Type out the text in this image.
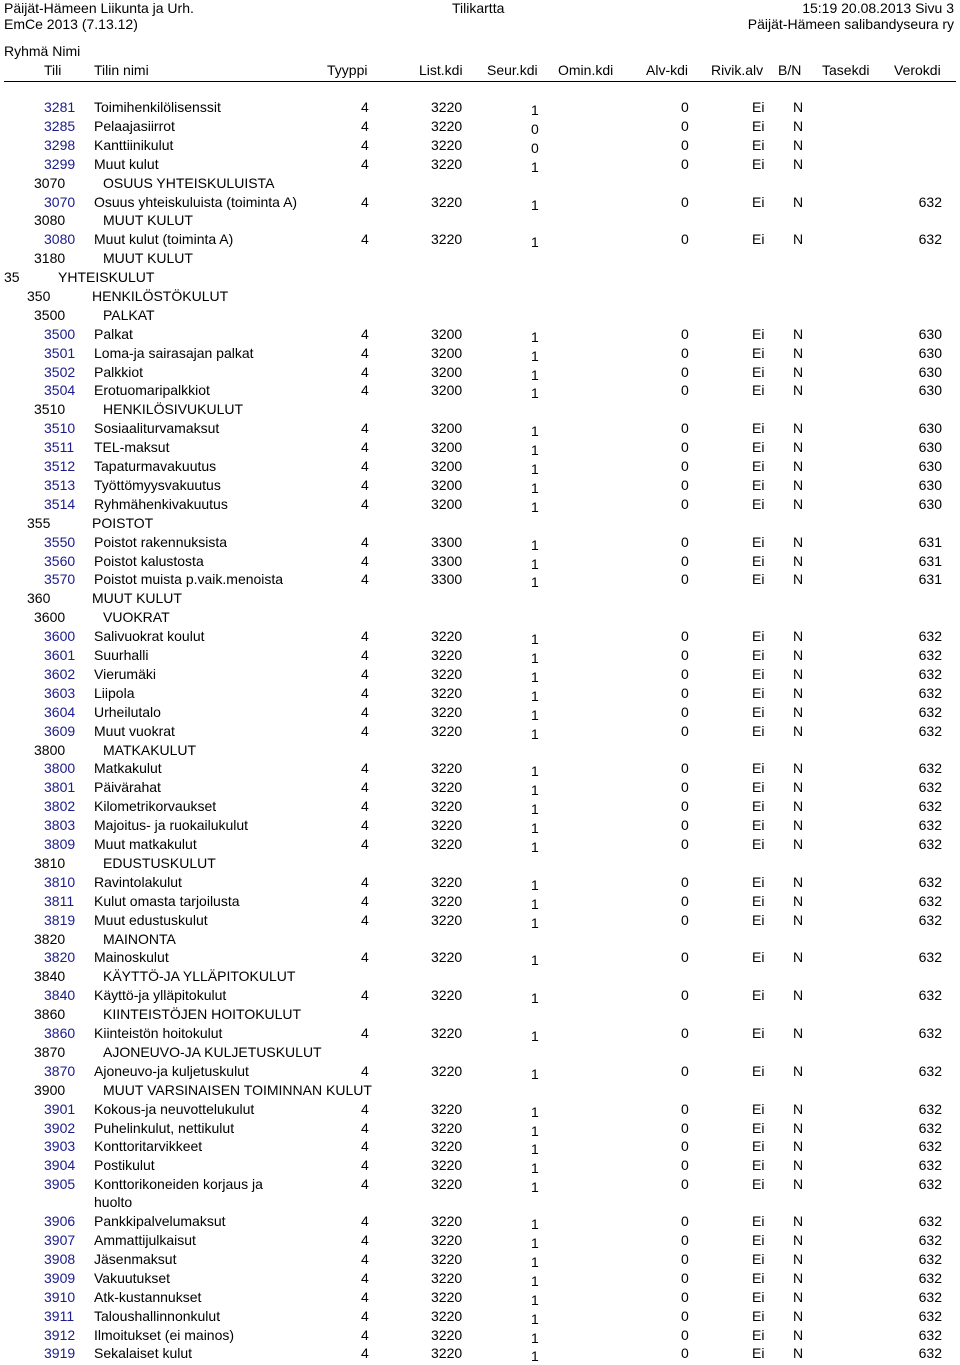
Päijät-Hämeen Liikunta ja Urh.
EmCe 2013 (7.13.12)
Tilikartta	15:19 20.08.2013 Sivu 3
Päijät-Hämeen salibandyseura ry
Ryhmä Nimi
Tili Tilin nimi	Tyyppi	List.kdi Seur.kdi Omin.kdi Alv-kdi Rivik.alv B/N Tasekdi Verokdi
3281 Toimihenkilölisenssit	4	3220	1	0	Ei N
3285 Pelaajasiirrot	4	3220	0	0	Ei N
3298 Kanttiinikulut	4	3220	0	0	Ei N
3299 Muut kulut	4	3220	1	0	Ei N
3070	OSUUS YHTEISKULUISTA
3070 Osuus yhteiskuluista (toiminta A)	4	3220	1	0	Ei N	632
3080	MUUT KULUT
3080 Muut kulut (toiminta A)	4	3220	1	0	Ei N	632
3180	MUUT KULUT
35	YHTEISKULUT
350	HENKILÖSTÖKULUT
3500	PALKAT
3500 Palkat	4	3200	1	0	Ei N	630
3501 Loma-ja sairasajan palkat	4	3200	1	0	Ei N	630
3502 Palkkiot	4	3200	1	0	Ei N	630
3504 Erotuomaripalkkiot	4	3200	1	0	Ei N	630
3510	HENKILÖSIVUKULUT
3510 Sosiaaliturvamaksut	4	3200	1	0	Ei N	630
3511 TEL-maksut	4	3200	1	0	Ei N	630
3512 Tapaturmavakuutus	4	3200	1	0	Ei N	630
3513 Työttömyysvakuutus	4	3200	1	0	Ei N	630
3514 Ryhmähenkivakuutus	4	3200	1	0	Ei N	630
355	POISTOT
3550 Poistot rakennuksista	4	3300	1	0	Ei N	631
3560 Poistot kalustosta	4	3300	1	0	Ei N	631
3570 Poistot muista p.vaik.menoista	4	3300	1	0	Ei N	631
360	MUUT KULUT
3600	VUOKRAT
3600 Salivuokrat koulut	4	3220	1	0	Ei N	632
3601 Suurhalli	4	3220	1	0	Ei N	632
3602 Vierumäki	4	3220	1	0	Ei N	632
3603 Liipola	4	3220	1	0	Ei N	632
3604 Urheilutalo	4	3220	1	0	Ei N	632
3609 Muut vuokrat	4	3220	1	0	Ei N	632
3800	MATKAKULUT
3800 Matkakulut	4	3220	1	0	Ei N	632
3801 Päivärahat	4	3220	1	0	Ei N	632
3802 Kilometrikorvaukset	4	3220	1	0	Ei N	632
3803 Majoitus- ja ruokailukulut	4	3220	1	0	Ei N	632
3809 Muut matkakulut	4	3220	1	0	Ei N	632
3810	EDUSTUSKULUT
3810 Ravintolakulut	4	3220	1	0	Ei N	632
3811 Kulut omasta tarjoilusta	4	3220	1	0	Ei N	632
3819 Muut edustuskulut	4	3220	1	0	Ei N	632
3820	MAINONTA
3820 Mainoskulut	4	3220	1	0	Ei N	632
3840	KÄYTTÖ-JA YLLÄPITOKULUT
3840 Käyttö-ja ylläpitokulut	4	3220	1	0	Ei N	632
3860	KIINTEISTÖJEN HOITOKULUT
3860 Kiinteistön hoitokulut	4	3220	1	0	Ei N	632
3870	AJONEUVO-JA KULJETUSKULUT
3870 Ajoneuvo-ja kuljetuskulut	4	3220	1	0	Ei N	632
3900	MUUT VARSINAISEN TOIMINNAN KULUT
3901 Kokous-ja neuvottelukulut	4	3220	1	0	Ei N	632
3902 Puhelinkulut, nettikulut	4	3220	1	0	Ei N	632
3903 Konttoritarvikkeet	4	3220	1	0	Ei N	632
3904 Postikulut	4	3220	1	0	Ei N	632
3905 Konttorikoneiden korjaus ja	4	3220	1	0	Ei N	632
huolto
3906 Pankkipalvelumaksut	4	3220	1	0	Ei N	632
3907 Ammattijulkaisut	4	3220	1	0	Ei N	632
3908 Jäsenmaksut	4	3220	1	0	Ei N	632
3909 Vakuutukset	4	3220	1	0	Ei N	632
3910 Atk-kustannukset	4	3220	1	0	Ei N	632
3911 Taloushallinnonkulut	4	3220	1	0	Ei N	632
3912 Ilmoitukset (ei mainos)	4	3220	1	0	Ei N	632
3919 Sekalaiset kulut	4	3220	1	0	Ei N	632
